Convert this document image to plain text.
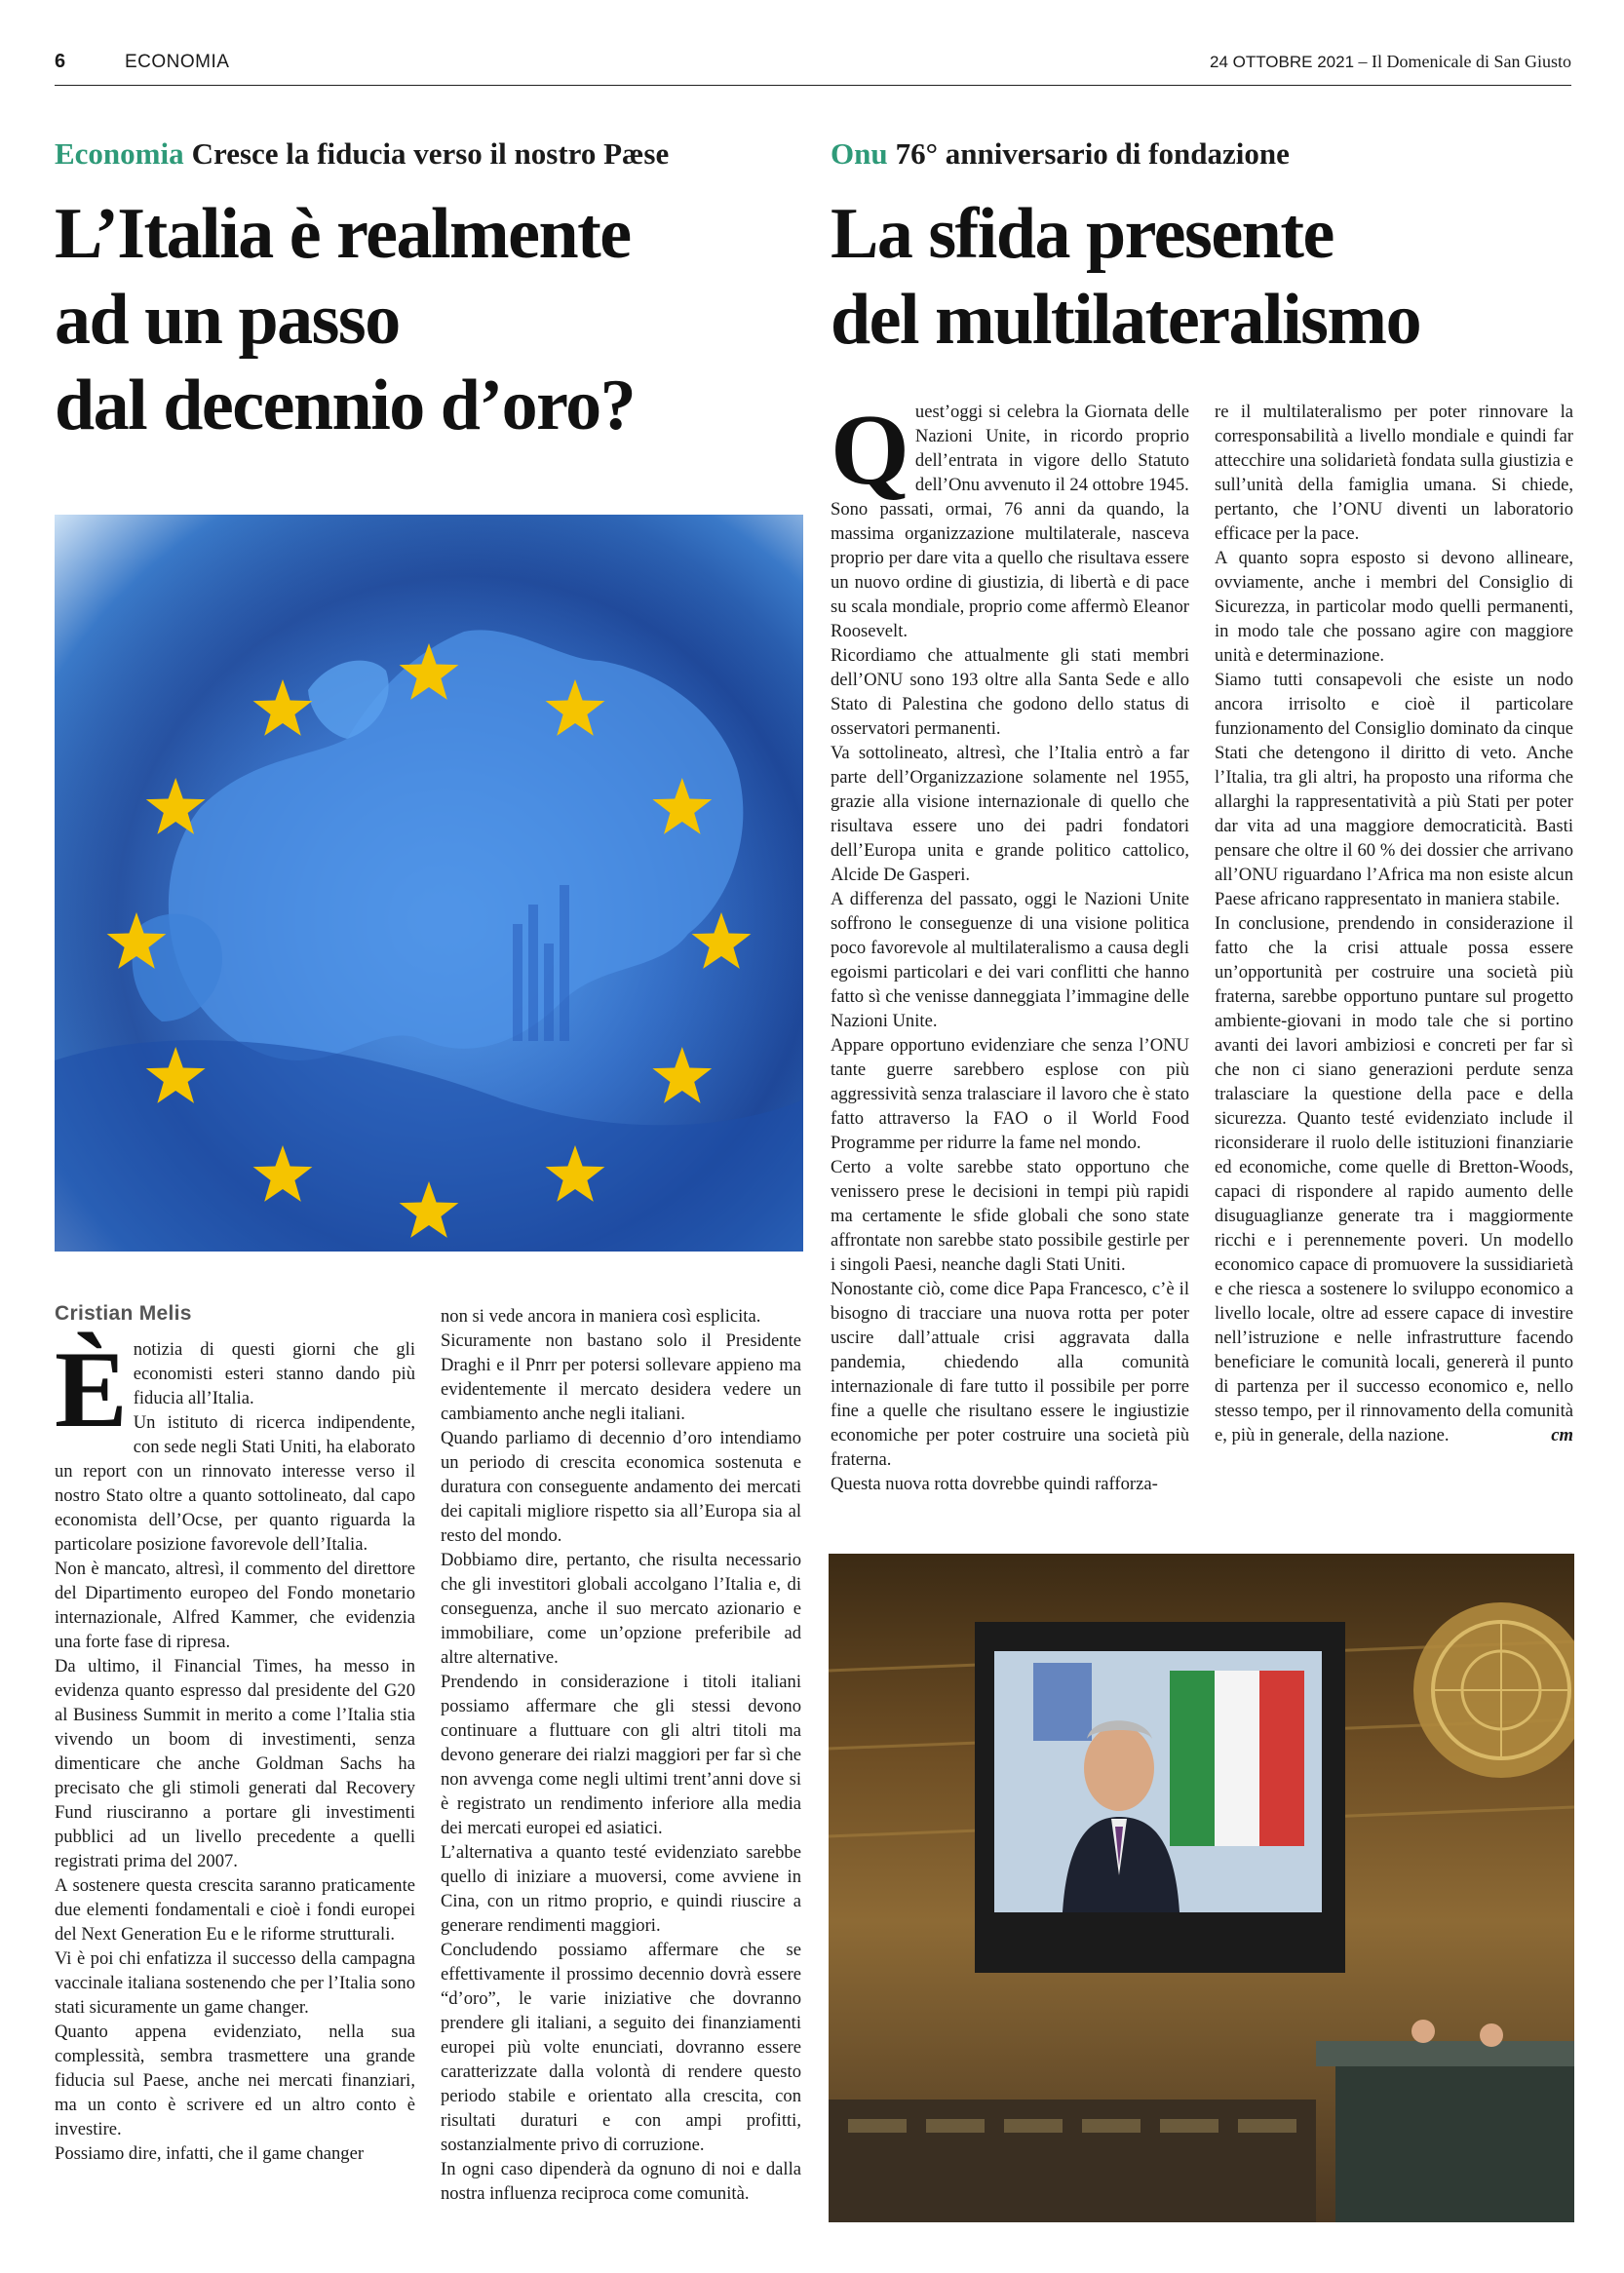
6	ECONOMIA	24 OTTOBRE 2021 – Il Domenicale di San Giusto
Economia Cresce la fiducia verso il nostro Pæse
L’Italia è realmente
ad un passo
dal decennio d’oro?
Cristian Melis
È notizia di questi giorni che gli economisti esteri stanno dando più fiducia all’Italia.

Un istituto di ricerca indipendente, con sede negli Stati Uniti, ha elaborato un report con un rinnovato interesse verso il nostro Stato oltre a quanto sottolineato, dal capo economista dell’Ocse, per quanto riguarda la particolare posizione favorevole dell’Italia.

Non è mancato, altresì, il commento del direttore del Dipartimento europeo del Fondo monetario internazionale, Alfred Kammer, che evidenzia una forte fase di ripresa.

Da ultimo, il Financial Times, ha messo in evidenza quanto espresso dal presidente del G20 al Business Summit in merito a come l’Italia stia vivendo un boom di investimenti, senza dimenticare che anche Goldman Sachs ha precisato che gli stimoli generati dal Recovery Fund riusciranno a portare gli investimenti pubblici ad un livello precedente a quelli registrati prima del 2007.

A sostenere questa crescita saranno praticamente due elementi fondamentali e cioè i fondi europei del Next Generation Eu e le riforme strutturali.

Vi è poi chi enfatizza il successo della campagna vaccinale italiana sostenendo che per l’Italia sono stati sicuramente un game changer.

Quanto appena evidenziato, nella sua complessità, sembra trasmettere una grande fiducia sul Paese, anche nei mercati finanziari, ma un conto è scrivere ed un altro conto è investire.

Possiamo dire, infatti, che il game changer

non si vede ancora in maniera così esplicita.

Sicuramente non bastano solo il Presidente Draghi e il Pnrr per potersi sollevare appieno ma evidentemente il mercato desidera vedere un cambiamento anche negli italiani.

Quando parliamo di decennio d’oro intendiamo un periodo di crescita economica sostenuta e duratura con conseguente andamento dei mercati dei capitali migliore rispetto sia all’Europa sia al resto del mondo.

Dobbiamo dire, pertanto, che risulta necessario che gli investitori globali accolgano l’Italia e, di conseguenza, anche il suo mercato azionario e immobiliare, come un’opzione preferibile ad altre alternative.

Prendendo in considerazione i titoli italiani possiamo affermare che gli stessi devono continuare a fluttuare con gli altri titoli ma devono generare dei rialzi maggiori per far sì che non avvenga come negli ultimi trent’anni dove si è registrato un rendimento inferiore alla media dei mercati europei ed asiatici.

L’alternativa a quanto testé evidenziato sarebbe quello di iniziare a muoversi, come avviene in Cina, con un ritmo proprio, e quindi riuscire a generare rendimenti maggiori.

Concludendo possiamo affermare che se effettivamente il prossimo decennio dovrà essere “d’oro”, le varie iniziative che dovranno prendere gli italiani, a seguito dei finanziamenti europei più volte enunciati, dovranno essere caratterizzate dalla volontà di rendere questo periodo stabile e orientato alla crescita, con risultati duraturi e con ampi profitti, sostanzialmente privo di corruzione.

In ogni caso dipenderà da ognuno di noi e dalla nostra influenza reciproca come comunità.

Onu 76° anniversario di fondazione
La sfida presente
del multilateralismo
Q uest’oggi si celebra la Giornata delle Nazioni Unite, in ricordo proprio dell’entrata in vigore dello Statuto dell’Onu avvenuto il 24 ottobre 1945.

Sono passati, ormai, 76 anni da quando, la massima organizzazione multilaterale, nasceva proprio per dare vita a quello che risultava essere un nuovo ordine di giustizia, di libertà e di pace su scala mondiale, proprio come affermò Eleanor Roosevelt.

Ricordiamo che attualmente gli stati membri dell’ONU sono 193 oltre alla Santa Sede e allo Stato di Palestina che godono dello status di osservatori permanenti.

Va sottolineato, altresì, che l’Italia entrò a far parte dell’Organizzazione solamente nel 1955, grazie alla visione internazionale di quello che risultava essere uno dei padri fondatori dell’Europa unita e grande politico cattolico, Alcide De Gasperi.

A differenza del passato, oggi le Nazioni Unite soffrono le conseguenze di una visione politica poco favorevole al multilateralismo a causa degli egoismi particolari e dei vari conflitti che hanno fatto sì che venisse danneggiata l’immagine delle Nazioni Unite.

Appare opportuno evidenziare che senza l’ONU tante guerre sarebbero esplose con più aggressività senza tralasciare il lavoro che è stato fatto attraverso la FAO o il World Food Programme per ridurre la fame nel mondo.

Certo a volte sarebbe stato opportuno che venissero prese le decisioni in tempi più rapidi ma certamente le sfide globali che sono state affrontate non sarebbe stato possibile gestirle per i singoli Paesi, neanche dagli Stati Uniti.

Nonostante ciò, come dice Papa Francesco, c’è il bisogno di tracciare una nuova rotta per poter uscire dall’attuale crisi aggravata dalla pandemia, chiedendo alla comunità internazionale di fare tutto il possibile per porre fine a quelle che risultano essere le ingiustizie economiche per poter costruire una società più fraterna.

Questa nuova rotta dovrebbe quindi rafforza-

re il multilateralismo per poter rinnovare la corresponsabilità a livello mondiale e quindi far attecchire una solidarietà fondata sulla giustizia e sull’unità della famiglia umana. Si chiede, pertanto, che l’ONU diventi un laboratorio efficace per la pace.

A quanto sopra esposto si devono allineare, ovviamente, anche i membri del Consiglio di Sicurezza, in particolar modo quelli permanenti, in modo tale che possano agire con maggiore unità e determinazione.

Siamo tutti consapevoli che esiste un nodo ancora irrisolto e cioè il particolare funzionamento del Consiglio dominato da cinque Stati che detengono il diritto di veto. Anche l’Italia, tra gli altri, ha proposto una riforma che allarghi la rappresentatività a più Stati per poter dar vita ad una maggiore democraticità. Basti pensare che oltre il 60 % dei dossier che arrivano all’ONU riguardano l’Africa ma non esiste alcun Paese africano rappresentato in maniera stabile.

In conclusione, prendendo in considerazione il fatto che la crisi attuale possa essere un’opportunità per costruire una società più fraterna, sarebbe opportuno puntare sul progetto ambiente-giovani in modo tale che si portino avanti dei lavori ambiziosi e concreti per far sì che non ci siano generazioni perdute senza tralasciare la questione della pace e della sicurezza. Quanto testé evidenziato include il riconsiderare il ruolo delle istituzioni finanziarie ed economiche, come quelle di Bretton-Woods, capaci di rispondere al rapido aumento delle disuguaglianze generate tra i maggiormente ricchi e i perennemente poveri. Un modello economico capace di promuovere la sussidiarietà e che riesca a sostenere lo sviluppo economico a livello locale, oltre ad essere capace di investire nell’istruzione e nelle infrastrutture facendo beneficiare le comunità locali, genererà il punto di partenza per il successo economico e, nello stesso tempo, per il rinnovamento della comunità e, più in generale, della nazione.	cm
